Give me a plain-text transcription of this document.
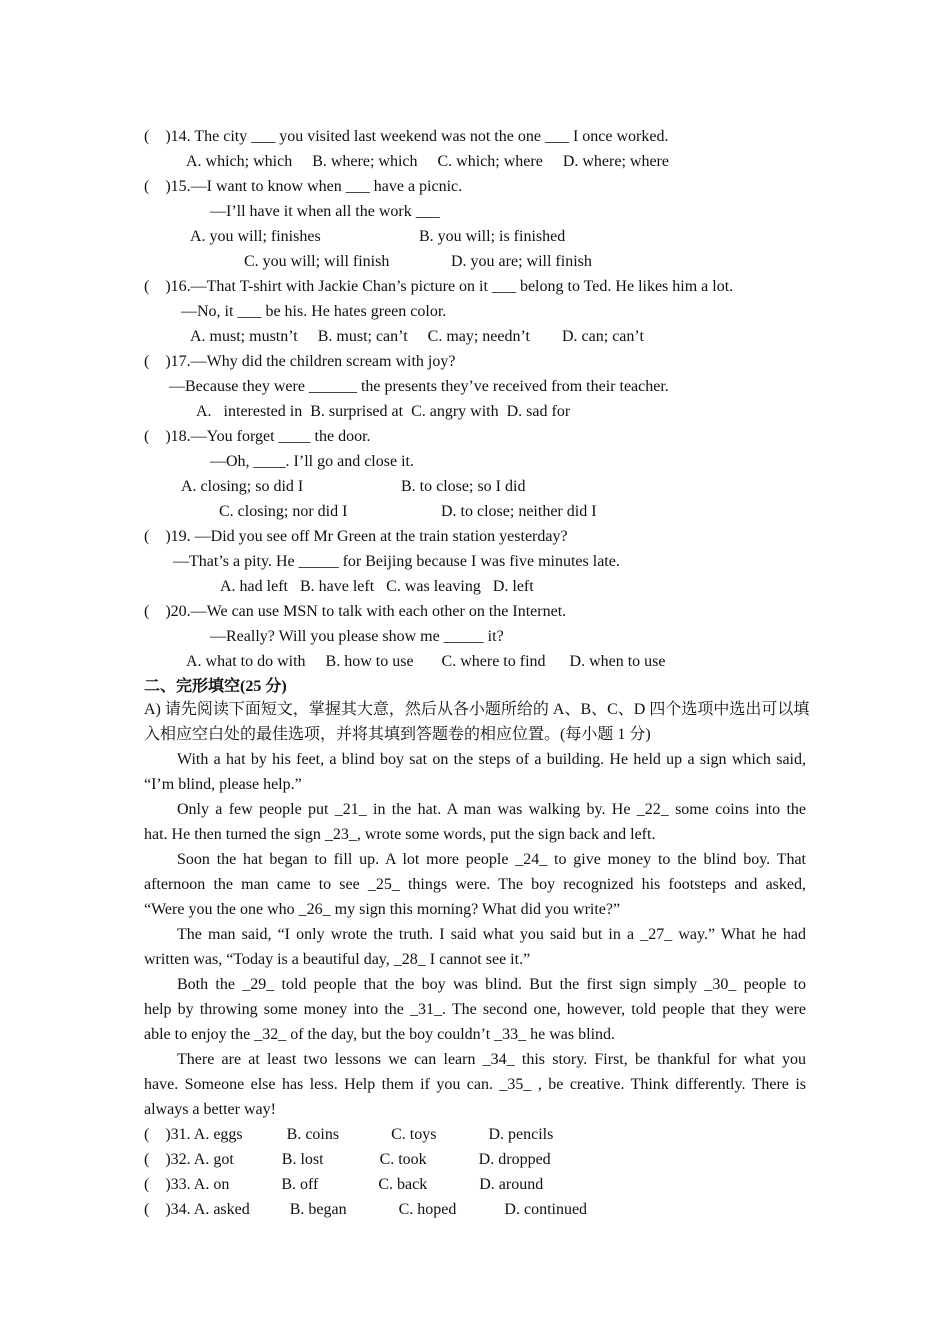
(    )14. The city ___ you visited last weekend was not the one ___ I once worked.
A. which; which     B. where; which     C. which; where     D. where; where
(    )15.—I want to know when ___ have a picnic.
—I’ll have it when all the work ___
A. you will; finishes	B. you will; is finished
C. you will; will finish	D. you are; will finish
(    )16.—That T-shirt with Jackie Chan’s picture on it ___ belong to Ted. He likes him a lot.
—No, it ___ be his. He hates green color.
A. must; mustn’t     B. must; can’t     C. may; needn’t        D. can; can’t
(    )17.—Why did the children scream with joy?
—Because they were ______ the presents they’ve received from their teacher.
A.   interested in  B. surprised at  C. angry with  D. sad for
(    )18.—You forget ____ the door.
—Oh, ____. I’ll go and close it.
A. closing; so did I	B. to close; so I did
C. closing; nor did I	D. to close; neither did I
(    )19. —Did you see off Mr Green at the train station yesterday?
—That’s a pity. He _____ for Beijing because I was five minutes late.
A. had left   B. have left   C. was leaving   D. left
(    )20.—We can use MSN to talk with each other on the Internet.
—Really? Will you please show me _____ it?
A. what to do with     B. how to use       C. where to find      D. when to use
二、完形填空(25 分)
A) 请先阅读下面短文，掌握其大意，然后从各小题所给的 A、B、C、D 四个选项中选出可以填
入相应空白处的最佳选项，并将其填到答题卷的相应位置。(每小题 1 分)
With a hat by his feet, a blind boy sat on the steps of a building. He held up a sign which said,
“I’m blind, please help.”
Only a few people put _21_ in the hat. A man was walking by. He _22_ some coins into the
hat. He then turned the sign _23_, wrote some words, put the sign back and left.
Soon the hat began to fill up. A lot more people _24_ to give money to the blind boy. That
afternoon the man came to see _25_ things were. The boy recognized his footsteps and asked,
“Were you the one who _26_ my sign this morning? What did you write?”
The man said, “I only wrote the truth. I said what you said but in a _27_ way.” What he had
written was, “Today is a beautiful day, _28_ I cannot see it.”
Both the _29_ told people that the boy was blind. But the first sign simply _30_ people to
help by throwing some money into the _31_. The second one, however, told people that they were
able to enjoy the _32_ of the day, but the boy couldn’t _33_ he was blind.
There are at least two lessons we can learn _34_ this story. First, be thankful for what you
have. Someone else has less. Help them if you can. _35_ , be creative. Think differently. There is
always a better way!
(    )31. A. eggs           B. coins             C. toys             D. pencils
(    )32. A. got            B. lost              C. took             D. dropped
(    )33. A. on             B. off               C. back             D. around
(    )34. A. asked          B. began             C. hoped            D. continued
